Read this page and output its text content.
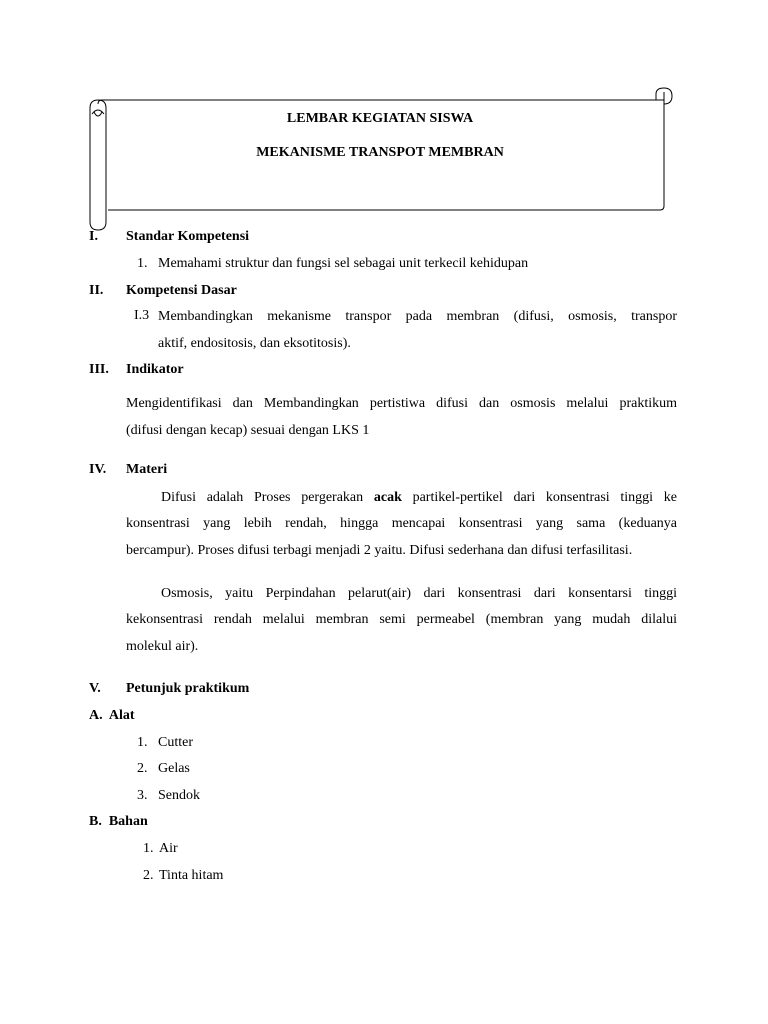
LEMBAR KEGIATAN SISWA
MEKANISME TRANSPOT MEMBRAN
I. Standar Kompetensi
1. Memahami struktur dan fungsi sel sebagai unit terkecil kehidupan
II. Kompetensi Dasar
I.3 Membandingkan mekanisme transpor pada membran (difusi, osmosis, transpor
aktif, endositosis, dan eksotitosis).
III. Indikator
Mengidentifikasi dan Membandingkan pertistiwa difusi dan osmosis melalui praktikum
(difusi dengan kecap) sesuai dengan LKS 1
IV. Materi
Difusi adalah Proses pergerakan acak partikel-pertikel dari konsentrasi tinggi ke
konsentrasi yang lebih rendah, hingga mencapai konsentrasi yang sama (keduanya
bercampur). Proses difusi terbagi menjadi 2 yaitu. Difusi sederhana dan difusi terfasilitasi.
Osmosis, yaitu Perpindahan pelarut(air) dari konsentrasi dari konsentarsi tinggi
kekonsentrasi rendah melalui membran semi permeabel (membran yang mudah dilalui
molekul air).
V. Petunjuk praktikum
A.  Alat
1. Cutter
2. Gelas
3. Sendok
B.  Bahan
1. Air
2. Tinta hitam
